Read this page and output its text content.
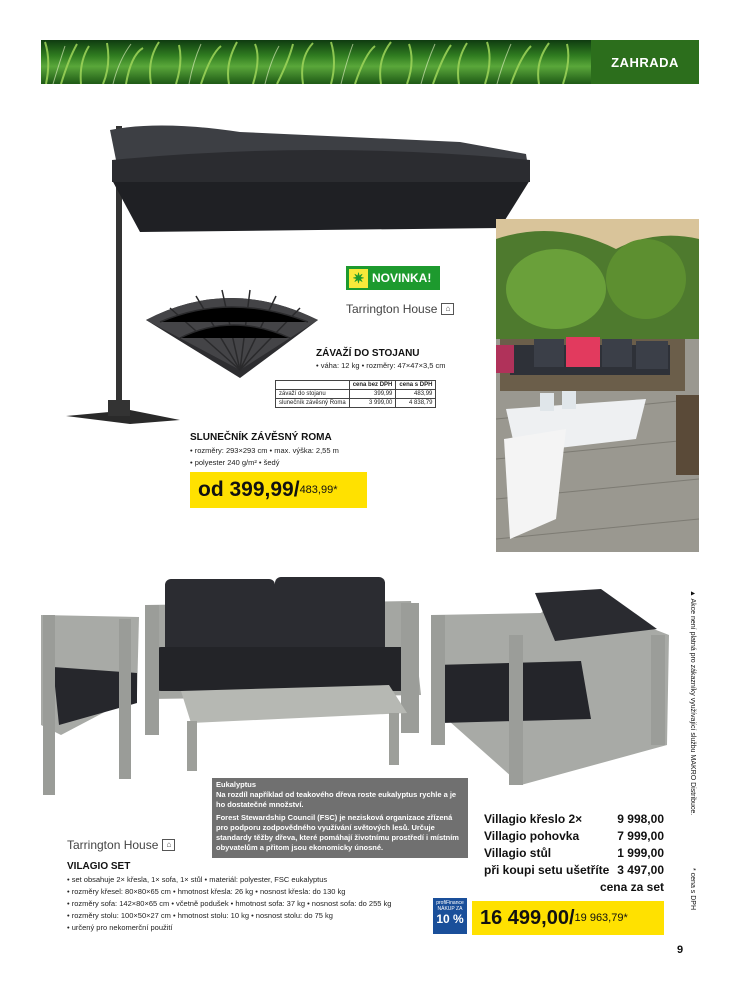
ZAHRADA
✷ NOVINKA!
Tarrington House	⌂
ZÁVAŽÍ DO STOJANU
• váha: 12 kg • rozměry: 47×47×3,5 cm
	cena bez DPH	cena s DPH
závaží do stojanu	399,99	483,99
slunečník závěsný Roma	3 999,00	4 838,79
SLUNEČNÍK ZÁVĚSNÝ ROMA
• rozměry: 293×293 cm • max. výška: 2,55 m
• polyester 240 g/m² • šedý
od 399,99/ 483,99*

Eukalyptus
Na rozdíl například od teakového dřeva roste eukalyptus rychle a je ho dostatečné množství.

Forest Stewardship Council (FSC) je nezisková organizace zřízená pro podporu zodpovědného využívání světových lesů. Určuje standardy těžby dřeva, které pomáhají životnímu prostředí i místním obyvatelům a přitom jsou ekonomicky únosné.

Tarrington House	⌂
VILAGIO SET
• set obsahuje 2× křesla, 1× sofa, 1× stůl • materiál: polyester, FSC eukalyptus
• rozměry křesel: 80×80×65 cm • hmotnost křesla: 26 kg • nosnost křesla: do 130 kg
• rozměry sofa: 142×80×65 cm • včetně podušek • hmotnost sofa: 37 kg • nosnost sofa: do 255 kg
• rozměry stolu: 100×50×27 cm • hmotnost stolu: 10 kg • nosnost stolu: do 75 kg
• určený pro nekomerční použití
Villagio křeslo 2×	9 998,00
Villagio pohovka	7 999,00
Villagio stůl	1 999,00
při koupi setu ušetříte 3 497,00
cena za set
profiFinance
NÁKUP ZA
10 % 16 499,00/ 19 963,79*
▲ Akce není platná pro zákazníky využívající službu MAKRO Distribuce.
* cena s DPH
9
